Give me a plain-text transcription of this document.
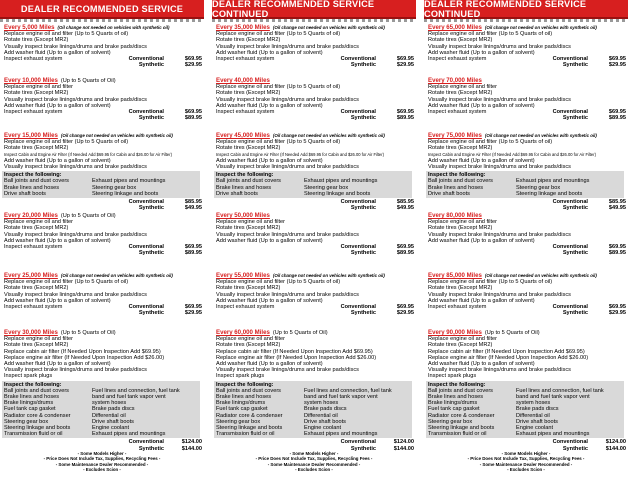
DEALER RECOMMENDED SERVICE
Every 5,000 Miles (Oil change not needed on vehicles with synthetic oil)
Replace engine oil and filter (Up to 5 Quarts of oil)
Rotate tires (Except MR2)
Visually inspect brake linings/drums and brake pads/discs
Add washer fluid (Up to a gallon of solvent)
Inspect exhaust system	Conventional	$69.95
Synthetic	$29.95
Every 10,000 Miles (Up to 5 Quarts of Oil)
Replace engine oil and filter
Rotate tires (Except MR2)
Visually inspect brake linings/drums and brake pads/discs
Add washer fluid (Up to a gallon of solvent)
Inspect exhaust system	Conventional	$69.95
Synthetic	$89.95
Every 15,000 Miles (Oil change not needed on vehicles with synthetic oil)
Replace engine oil and filter (Up to 5 Quarts of oil)
Rotate tires (Except MR2)
Inspect Cabin and Engine Air Filter (If Needed Add $69.95 for Cabin and $26.00 for Air Filter)
Add washer fluid (Up to a gallon of solvent)
Visually inspect brake linings/drums and brake pads/discs
Inspect the following:
Ball joints and dust covers	Exhaust pipes and mountings
Brake lines and hoses	Steering gear box
Drive shaft boots	Steering linkage and boots
Conventional	$85.95
Synthetic	$49.95
Every 20,000 Miles (Up to 5 Quarts of Oil)
Replace engine oil and filter
Rotate tires (Except MR2)
Visually inspect brake linings/drums and brake pads/discs
Add washer fluid (Up to a gallon of solvent)
Inspect exhaust system	Conventional	$69.95
Synthetic	$89.95
Every 25,000 Miles (Oil change not needed on vehicles with synthetic oil)
Replace engine oil and filter (Up to 5 Quarts of oil)
Rotate tires (Except MR2)
Visually inspect brake linings/drums and brake pads/discs
Add washer fluid (Up to a gallon of solvent)
Inspect exhaust system	Conventional	$69.95
Synthetic	$29.95
Every 30,000 Miles (Up to 5 Quarts of Oil)
Replace engine oil and filter
Rotate tires (Except MR2)
Replace cabin air filter (If Needed Upon Inspection Add $69.95)
Replace engine air filter (If Needed Upon Inspection Add $26.00)
Add washer fluid (Up to a gallon of solvent)
Visually inspect brake linings/drums and brake pads/discs
Inspect spark plugs
Inspect the following:
Ball joints and dust covers	Fuel lines and connection, fuel tank
Brake lines and hoses	band and fuel tank vapor vent
Brake linings/drums	system hoses
Fuel tank cap gasket	Brake pads discs
Radiator core & condenser	Differential oil
Steering gear box	Drive shaft boots
Steering linkage and boots	Engine coolant
Transmission fluid or oil	Exhaust pipes and mountings
Conventional	$124.00
Synthetic	$144.00
- Some Models Higher -
- Price Does Not Include Tax, Supplies, Recycling Fees -
- Some Maintenance Dealer Recommended -
- Excludes Scion -
DEALER RECOMMENDED SERVICE CONTINUED
Every 35,000 Miles (Oil change not needed on vehicles with synthetic oil)
Replace engine oil and filter (Up to 5 Quarts of oil)
Rotate tires (Except MR2)
Visually inspect brake linings/drums and brake pads/discs
Add washer fluid (Up to a gallon of solvent)
Inspect exhaust system	Conventional	$69.95
Synthetic	$29.95
Every 40,000 Miles
Replace engine oil and filter (Up to 5 Quarts of oil)
Rotate tires (Except MR2)
Visually inspect brake linings/drums and brake pads/discs
Add washer fluid (Up to a gallon of solvent)
Inspect exhaust system	Conventional	$69.95
Synthetic	$89.95
Every 45,000 Miles (Oil change not needed on vehicles with synthetic oil)
Replace engine oil and filter (Up to 5 Quarts of oil)
Rotate tires (Except MR2)
Inspect Cabin and Engine Air Filter (If Needed Add $69.95 for Cabin and $26.00 for Air Filter)
Add washer fluid (Up to a gallon of solvent)
Visually inspect brake linings/drums and brake pads/discs
Inspect the following:
Ball joints and dust covers	Exhaust pipes and mountings
Brake lines and hoses	Steering gear box
Drive shaft boots	Steering linkage and boots
Conventional	$85.95
Synthetic	$49.95
Every 50,000 Miles
Replace engine oil and filter
Rotate tires (Except MR2)
Visually inspect brake linings/drums and brake pads/discs
Add washer fluid (Up to a gallon of solvent)
Conventional	$69.95
Synthetic	$89.95
Every 55,000 Miles (Oil change not needed on vehicles with synthetic oil)
Replace engine oil and filter (Up to 5 Quarts of oil)
Rotate tires (Except MR2)
Visually inspect brake linings/drums and brake pads/discs
Add washer fluid (Up to a gallon of solvent)
Inspect exhaust system	Conventional	$69.95
Synthetic	$29.95
Every 60,000 Miles (Up to 5 Quarts of Oil)
Replace engine oil and filter
Rotate tires (Except MR2)
Replace cabin air filter (If Needed Upon Inspection Add $69.95)
Replace engine air filter (If Needed Upon Inspection Add $26.00)
Add washer fluid (Up to a gallon of solvent)
Visually inspect brake linings/drums and brake pads/discs
Inspect spark plugs
Inspect the following:
Ball joints and dust covers	Fuel lines and connection, fuel tank
Brake lines and hoses	band and fuel tank vapor vent
Brake linings/drums	system hoses
Fuel tank cap gasket	Brake pads discs
Radiator core & condenser	Differential oil
Steering gear box	Drive shaft boots
Steering linkage and boots	Engine coolant
Transmission fluid or oil	Exhaust pipes and mountings
Conventional	$124.00
Synthetic	$144.00
- Some Models Higher -
- Price Does Not Include Tax, Supplies, Recycling Fees -
- Some Maintenance Dealer Recommended -
- Excludes Scion -
DEALER RECOMMENDED SERVICE CONTINUED
Every 65,000 Miles (Oil change not needed on vehicles with synthetic oil)
Replace engine oil and filter (Up to 5 Quarts of oil)
Rotate tires (Except MR2)
Visually inspect brake linings/drums and brake pads/discs
Add washer fluid (Up to a gallon of solvent)
Inspect exhaust system	Conventional	$69.95
Synthetic	$29.95
Every 70,000 Miles
Replace engine oil and filter
Rotate tires (Except MR2)
Visually inspect brake linings/drums and brake pads/discs
Add washer fluid (Up to a gallon of solvent)
Inspect exhaust system	Conventional	$69.95
Synthetic	$89.95
Every 75,000 Miles (Oil change not needed on vehicles with synthetic oil)
Replace engine oil and filter (Up to 5 Quarts of oil)
Rotate tires (Except MR2)
Inspect Cabin and Engine Air Filter (If Needed Add $69.95 for Cabin and $26.00 for Air Filter)
Add washer fluid (Up to a gallon of solvent)
Visually inspect brake linings/drums and brake pads/discs
Inspect the following:
Ball joints and dust covers	Exhaust pipes and mountings
Brake lines and hoses	Steering gear box
Drive shaft boots	Steering linkage and boots
Conventional	$85.95
Synthetic	$49.95
Every 80,000 Miles
Replace engine oil and filter
Rotate tires (Except MR2)
Visually inspect brake linings/drums and brake pads/discs
Add washer fluid (Up to a gallon of solvent)
Conventional	$69.95
Synthetic	$89.95
Every 85,000 Miles (Oil change not needed on vehicles with synthetic oil)
Replace engine oil and filter (Up to 5 Quarts of oil)
Rotate tires (Except MR2)
Visually inspect brake linings/drums and brake pads/discs
Add washer fluid (Up to a gallon of solvent)
Inspect exhaust system	Conventional	$69.95
Synthetic	$29.95
Every 90,000 Miles (Up to 5 Quarts of Oil)
Replace engine oil and filter
Rotate tires (Except MR2)
Replace cabin air filter (If Needed Upon Inspection Add $69.95)
Replace engine air filter (If Needed Upon Inspection Add $26.00)
Add washer fluid (Up to a gallon of solvent)
Visually inspect brake linings/drums and brake pads/discs
Inspect spark plugs
Inspect the following:
Ball joints and dust covers	Fuel lines and connection, fuel tank
Brake lines and hoses	band and fuel tank vapor vent
Brake linings/drums	system hoses
Fuel tank cap gasket	Brake pads discs
Radiator core & condenser	Differential oil
Steering gear box	Drive shaft boots
Steering linkage and boots	Engine coolant
Transmission fluid or oil	Exhaust pipes and mountings
Conventional	$124.00
Synthetic	$144.00
- Some Models Higher -
- Price Does Not Include Tax, Supplies, Recycling Fees -
- Some Maintenance Dealer Recommended -
- Excludes Scion -
